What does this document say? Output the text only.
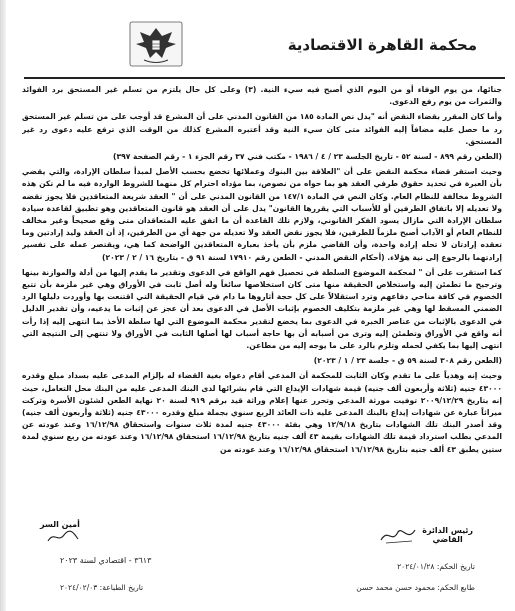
محكمة القاهرة الاقتصادية

جنائها، من يوم الوفاء أو من اليوم الذي أصبح فيه سيء النية. (٣) وعلى كل حال يلتزم من تسلم غير المستحق برد الفوائد والثمرات من يوم رفع الدعوى.

وأما كان المقرر بقضاء النقض أنه "يدل نص المادة ١٨٥ من القانون المدني على أن المشرع قد أوجب على من تسلم غير المستحق رد ما حصل عليه مضافاً إليه الفوائد متى كان سيء النية وقد أعتبره المشرع كذلك من الوقت الذي ترفع عليه دعوى رد غير المستحق.

(الطعن رقم ٨٩٩ - لسنة ٥٢ - تاريخ الجلسة ٢٣ / ٤ / ١٩٨٦ - مكتب فني ٣٧ رقم الجزء ١ - رقم الصفحة ٣٩٧)

وحيث استقر قضاء محكمة النقض على أن "العلاقة بين البنوك وعملائها تخضع بحسب الأصل لمبدأ سلطان الإرادة، والتي يقضي بأن العبرة في تحديد حقوق طرفي العقد هو بما حواه من نصوص، بما مؤداه احترام كل منهما للشروط الواردة فيه ما لم تكن هذه الشروط مخالفة للنظام العام. وكان النص في المادة ١٤٧/١ من القانون المدني على أن " العقد شريعة المتعاقدين فلا يجوز نقضه ولا تعديله إلا باتفاق الطرفين أو للأسباب التي يقررها القانون" يدل على أن العقد هو قانون المتعاقدين وهو تطبيق لقاعدة سيادة سلطان الإرادة التي مازال يسود الفكر القانوني، ولازم تلك القاعدة أن ما اتفق عليه المتعاقدان متى وقع صحيحاً وغير مخالف للنظام العام أو الآداب أصبح ملزماً للطرفين، فلا يجوز نقض العقد ولا تعديله من جهة أي من الطرفين، إذ أن العقد وليد إرادتين وما تعقده إرادتان لا تحله إرادة واحدة، وأن القاضي ملزم بأن يأخذ بعبارة المتعاقدين الواضحة كما هي، ويقتصر عمله على تفسير إرادتهما بالرجوع إلى نية هؤلاء. (أحكام النقض المدني - الطعن رقم ١٧٩١٠ لسنة ٩١ ق - بتاريخ ١٦ / ٢ / ٢٠٢٣)

كما استقرت على أن " لمحكمة الموضوع السلطة في تحصيل فهم الواقع في الدعوى وتقدير ما يقدم إليها من أدلة والموازنة بينها وترجيح ما تطمئن إليه واستخلاص الحقيقة منها متى كان استخلاصها سائغاً وله أصل ثابت في الأوراق وهي غير ملزمة بأن تتبع الخصوم في كافة مناحي دفاعهم وترد استقلالاً على كل حجة أثاروها ما دام في قيام الحقيقة التي اقتنعت بها وأوردت دليلها الرد الضمني المسقط لها وهي غير ملزمة بتكليف الخصوم بإثبات الأصل في الدعوى بعد أن عجز عن إثبات ما يدعيه، وأن تقدير الدليل في الدعوى بالإثبات من عناصر الخبرة في الدعوى بما يخضع لتقدير محكمة الموضوع التي لها سلطة الأخذ بما انتهى إليه إذا رأت أنه واقع في الأوراق وتطمئن إليه وترى من أسبابه أن بها حاجة أسباب لها أصلها الثابت في الأوراق ولا تنتهي إلى النتيجة التي انتهى إليها بما يكفي لحمله وتلزم بالرد على ما يوجه إليه من مطاعن.

(الطعن رقم ٣٠٨ لسنة ٥٩ ق - جلسة ٢٣ / ١ / ٢٠٢٣)

وحيث إنه وهدياً على ما تقدم وكان الثابت للمحكمة أن المدعي أقام دعواه بغية القضاء له بإلزام المدعى عليه بسداد مبلغ وقدره ٤٣٠٠٠ جنيه (ثلاثة وأربعون ألف جنيه) قيمة شهادات الإيداع التي قام بشرائها لدى البنك المدعى عليه من البنك محل التعامل، حيث إنه بتاريخ ٢٠٠٩/١٢/٢٩ توفيت مورثة المدعي وتحرر عنها إعلام وراثة قيد برقم ٩١٩ لسنة ٢٠ نهاية الطعن لشئون الأسرة وتركت ميراثاً عبارة عن شهادات إيداع بالبنك المدعى عليه ذات العائد الربع سنوي بجملة مبلغ وقدره ٤٣٠٠٠ جنيه (ثلاثة وأربعون ألف جنيه) وقد أصدر البنك تلك الشهادات بتاريخ ١٢/٩/١٨ وهي بفئة ٤٣٠٠٠ جنيه لمدة ثلاث سنوات واستحقاق ١٦/١٢/٩٨ وعند عودته عن المدعي بطلب استرداد قيمة تلك الشهادات بقيمة ٤٣ ألف جنيه بتاريخ ١٦/١٢/٩٨ استحقاق ١٦/١٢/٩٨ وعند عودته من ربع سنوي لمدة ستين يطبق ٤٣ ألف جنيه بتاريخ ١٦/١٢/٩٨ استحقاق ١٦/١٢/٩٨ وعند عودته من

أمين السر
رئيس الدائرة
القاضي
٣٦١٣ - اقتصادي لسنة ٢٠٢٣
تاريخ الحكم: ٢٠٢٤/٠١/٢٨
طابع الحكم: محمود حسن محمد حسن
تاريخ الطباعة: ٢٠٢٤/٠٢/٠٣
